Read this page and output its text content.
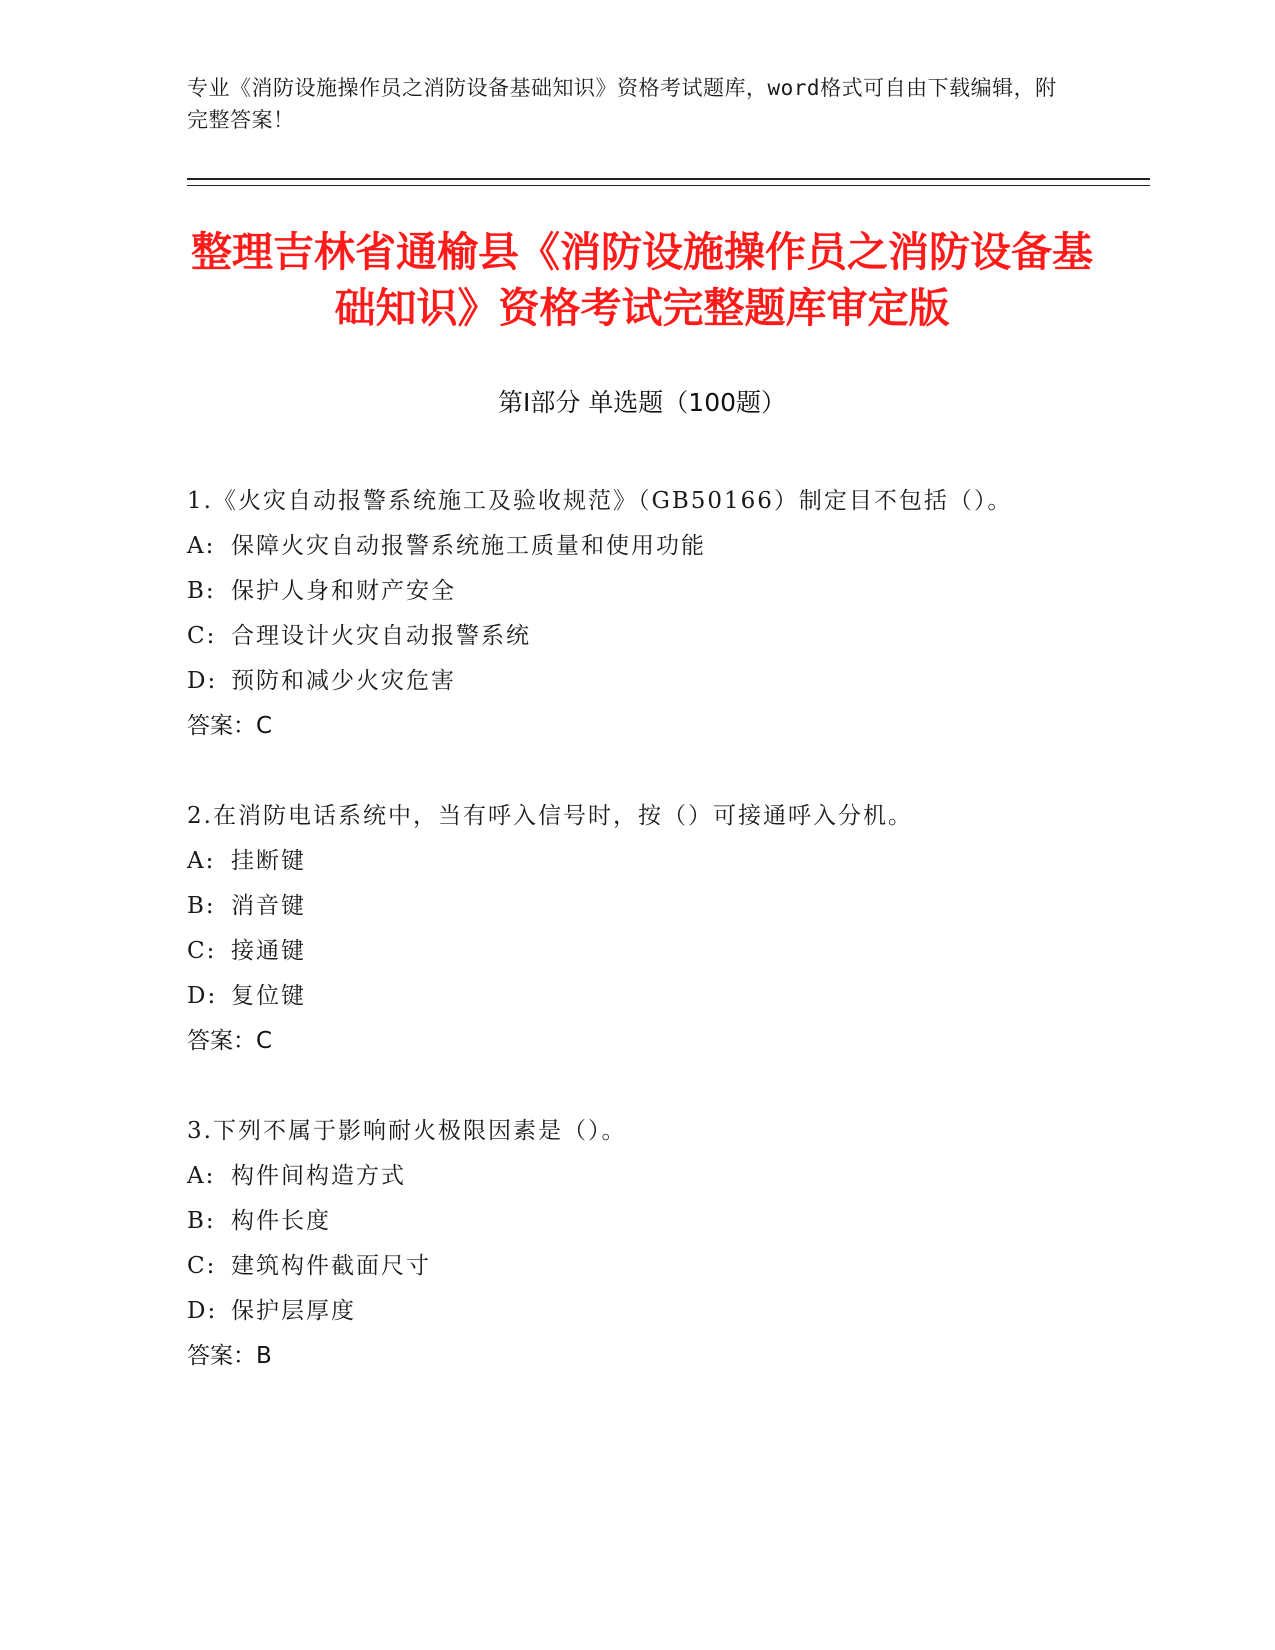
专业《消防设施操作员之消防设备基础知识》资格考试题库，word格式可自由下载编辑，附完整答案！
整理吉林省通榆县《消防设施操作员之消防设备基础知识》资格考试完整题库审定版
第Ⅰ部分 单选题（100题）
1.《火灾自动报警系统施工及验收规范》（GB50166）制定目不包括（）。
A: 保障火灾自动报警系统施工质量和使用功能
B: 保护人身和财产安全
C: 合理设计火灾自动报警系统
D: 预防和减少火灾危害
答案：C
2.在消防电话系统中，当有呼入信号时，按（）可接通呼入分机。
A: 挂断键
B: 消音键
C: 接通键
D: 复位键
答案：C
3.下列不属于影响耐火极限因素是（）。
A: 构件间构造方式
B: 构件长度
C: 建筑构件截面尺寸
D: 保护层厚度
答案：B
